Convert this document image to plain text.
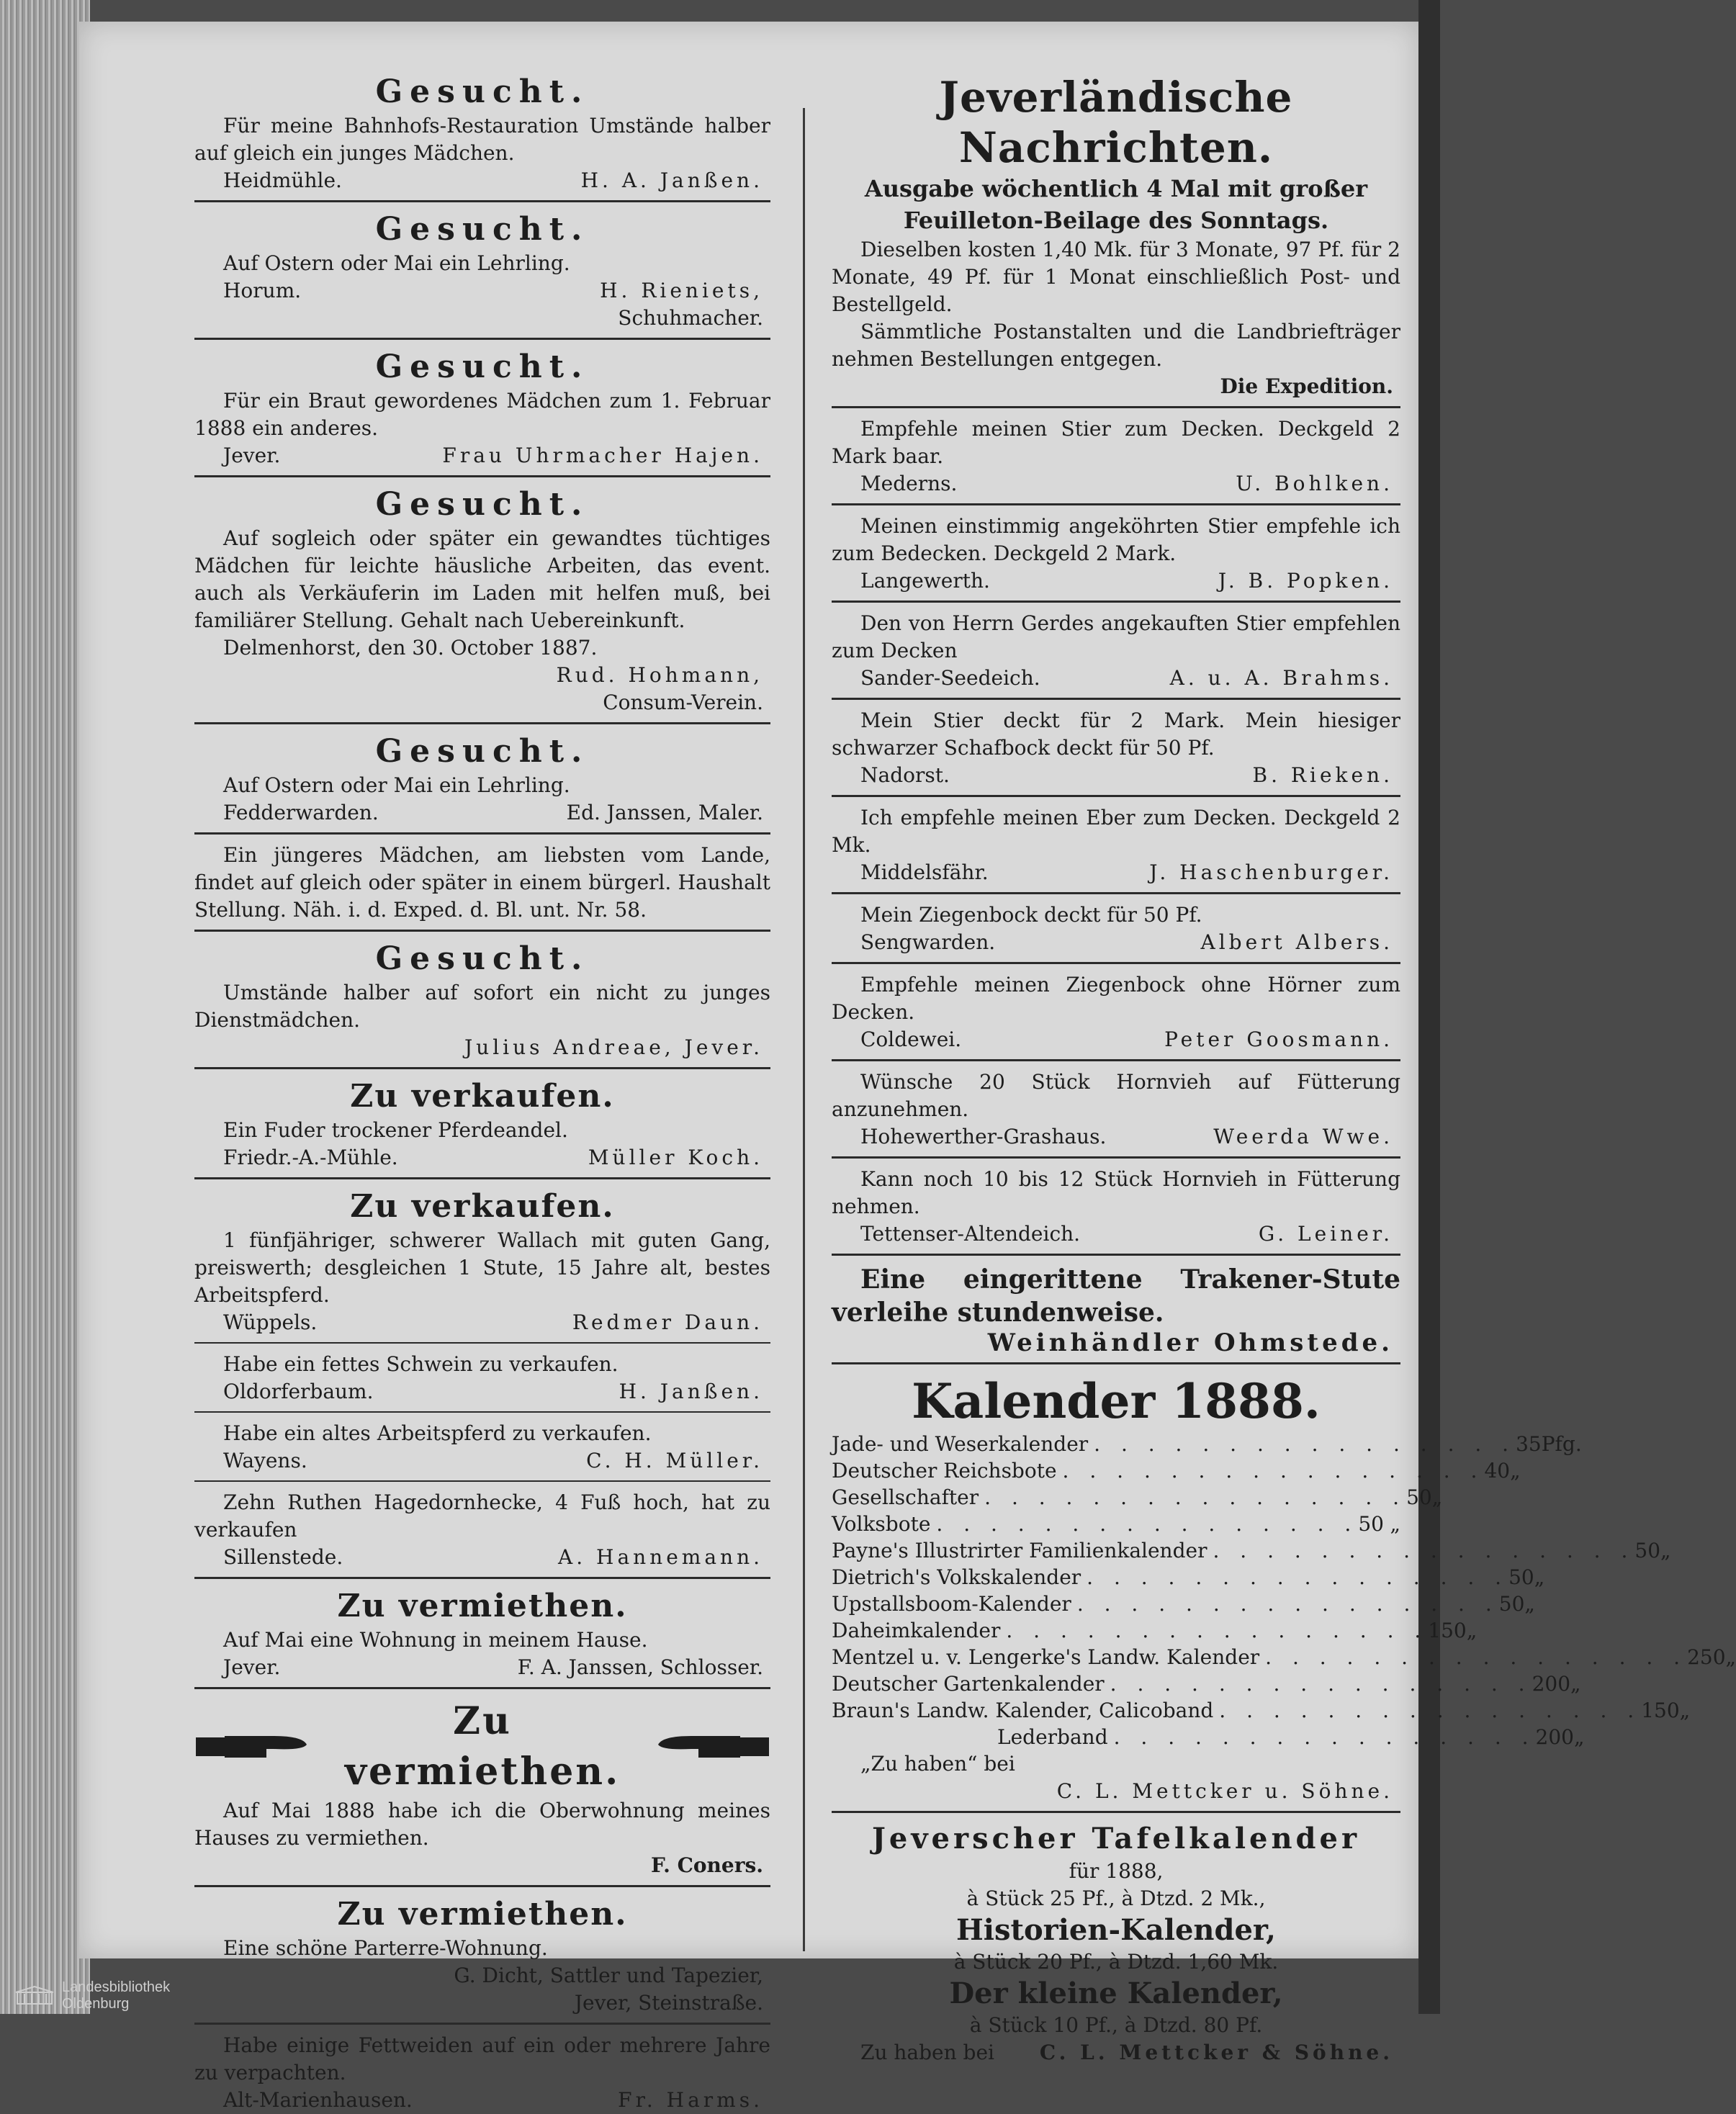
Gesucht.
Für meine Bahnhofs-Restauration Umstände halber auf gleich ein junges Mädchen.
Heidmühle.	H. A. Janßen.
Gesucht.
Auf Ostern oder Mai ein Lehrling.
Horum.	H. Rieniets,
Schuhmacher.
Gesucht.
Für ein Braut gewordenes Mädchen zum 1. Februar 1888 ein anderes.
Jever.	Frau Uhrmacher Hajen.
Gesucht.
Auf sogleich oder später ein gewandtes tüchtiges Mädchen für leichte häusliche Arbeiten, das event. auch als Verkäuferin im Laden mit helfen muß, bei familiärer Stellung. Gehalt nach Uebereinkunft.
Delmenhorst, den 30. October 1887.
Rud. Hohmann,
Consum-Verein.
Gesucht.
Auf Ostern oder Mai ein Lehrling.
Fedderwarden.	Ed. Janssen, Maler.
Ein jüngeres Mädchen, am liebsten vom Lande, findet auf gleich oder später in einem bürgerl. Haushalt Stellung. Näh. i. d. Exped. d. Bl. unt. Nr. 58.
Gesucht.
Umstände halber auf sofort ein nicht zu junges Dienstmädchen.
Julius Andreae, Jever.
Zu verkaufen.
Ein Fuder trockener Pferdeandel.
Friedr.-A.-Mühle.	Müller Koch.
Zu verkaufen.
1 fünfjähriger, schwerer Wallach mit guten Gang, preiswerth; desgleichen 1 Stute, 15 Jahre alt, bestes Arbeitspferd.
Wüppels.	Redmer Daun.
Habe ein fettes Schwein zu verkaufen.
Oldorferbaum.	H. Janßen.
Habe ein altes Arbeitspferd zu verkaufen.
Wayens.	C. H. Müller.
Zehn Ruthen Hagedornhecke, 4 Fuß hoch, hat zu verkaufen
Sillenstede.	A. Hannemann.
Zu vermiethen.
Auf Mai eine Wohnung in meinem Hause.
Jever.	F. A. Janssen, Schlosser.
Zu vermiethen.
Auf Mai 1888 habe ich die Oberwohnung meines Hauses zu vermiethen.
F. Coners.
Zu vermiethen.
Eine schöne Parterre-Wohnung.
G. Dicht, Sattler und Tapezier,
Jever, Steinstraße.
Habe einige Fettweiden auf ein oder mehrere Jahre zu verpachten.
Alt-Marienhausen.	Fr. Harms.
Jeverländische Nachrichten.
Ausgabe wöchentlich 4 Mal mit großer Feuilleton-Beilage des Sonntags.
Dieselben kosten 1,40 Mk. für 3 Monate, 97 Pf. für 2 Monate, 49 Pf. für 1 Monat einschließlich Post- und Bestellgeld.
Sämmtliche Postanstalten und die Landbriefträger nehmen Bestellungen entgegen.
Die Expedition.
Empfehle meinen Stier zum Decken. Deckgeld 2 Mark baar.
Mederns.	U. Bohlken.
Meinen einstimmig angeköhrten Stier empfehle ich zum Bedecken. Deckgeld 2 Mark.
Langewerth.	J. B. Popken.
Den von Herrn Gerdes angekauften Stier empfehlen zum Decken
Sander-Seedeich.	A. u. A. Brahms.
Mein Stier deckt für 2 Mark. Mein hiesiger schwarzer Schafbock deckt für 50 Pf.
Nadorst.	B. Rieken.
Ich empfehle meinen Eber zum Decken. Deckgeld 2 Mk.
Middelsfähr.	J. Haschenburger.
Mein Ziegenbock deckt für 50 Pf.
Sengwarden.	Albert Albers.
Empfehle meinen Ziegenbock ohne Hörner zum Decken.
Coldewei.	Peter Goosmann.
Wünsche 20 Stück Hornvieh auf Fütterung anzunehmen.
Hohewerther-Grashaus.	Weerda Wwe.
Kann noch 10 bis 12 Stück Hornvieh in Fütterung nehmen.
Tettenser-Altendeich.	G. Leiner.
Eine eingerittene Trakener-Stute verleihe stundenweise.
Weinhändler Ohmstede.
Kalender 1888.
Jade- und Weserkalender . . . . . . . . . . . . . . . . 35 Pfg.
Deutscher Reichsbote . . . . . . . . . . . . . . . . 40 „
Gesellschafter . . . . . . . . . . . . . . . . 50 „
Volksbote . . . . . . . . . . . . . . . . 50 „
Payne's Illustrirter Familienkalender . . . . . . . . . . . . . . . . 50 „
Dietrich's Volkskalender . . . . . . . . . . . . . . . . 50 „
Upstallsboom-Kalender . . . . . . . . . . . . . . . . 50 „
Daheimkalender . . . . . . . . . . . . . . . . 150 „
Mentzel u. v. Lengerke's Landw. Kalender . . . . . . . . . . . . . . . . 250 „
Deutscher Gartenkalender . . . . . . . . . . . . . . . . 200 „
Braun's Landw. Kalender, Calicoband . . . . . . . . . . . . . . . . 150 „
Lederband . . . . . . . . . . . . . . . . 200 „
„Zu haben“ bei
C. L. Mettcker u. Söhne.
Jeverscher Tafelkalender
für 1888,
à Stück 25 Pf., à Dtzd. 2 Mk.,
Historien-Kalender,
à Stück 20 Pf., à Dtzd. 1,60 Mk.
Der kleine Kalender,
à Stück 10 Pf., à Dtzd. 80 Pf.
Zu haben bei C. L. Mettcker & Söhne.
Landesbibliothek Oldenburg
